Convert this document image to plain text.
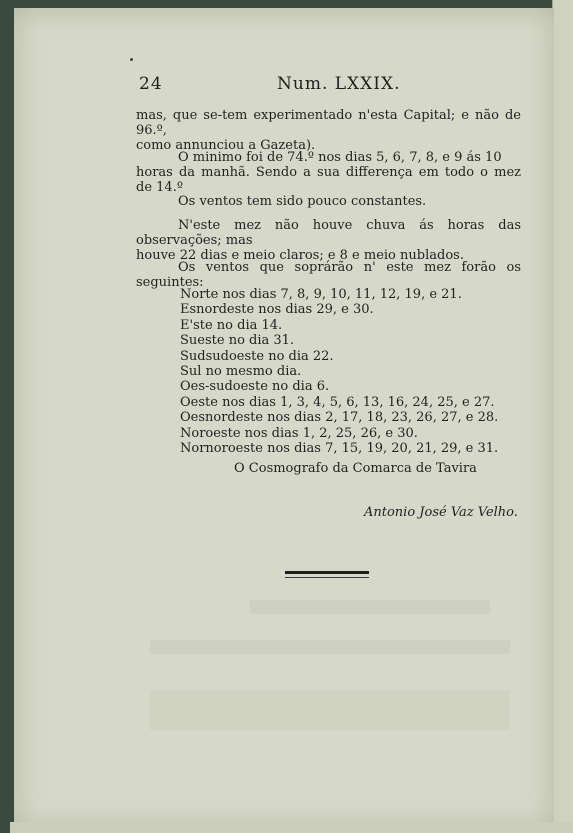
24	Num. LXXIX.
mas, que se-tem experimentado n'esta Capital; e não de 96.º,
como annunciou a Gazeta).
O minimo foi de 74.º nos dias 5, 6, 7, 8, e 9 ás 10
horas da manhã. Sendo a sua differença em todo o mez de 14.º
Os ventos tem sido pouco constantes.
N'este mez não houve chuva ás horas das observações; mas
houve 22 dias e meio claros; e 8 e meio nublados.
Os ventos que soprárão n' este mez forão os seguintes:
Norte nos dias 7, 8, 9, 10, 11, 12, 19, e 21.
Esnordeste nos dias 29, e 30.
E'ste no dia 14.
Sueste no dia 31.
Sudsudoeste no dia 22.
Sul no mesmo dia.
Oes-sudoeste no dia 6.
Oeste nos dias 1, 3, 4, 5, 6, 13, 16, 24, 25, e 27.
Oesnordeste nos dias 2, 17, 18, 23, 26, 27, e 28.
Noroeste nos dias 1, 2, 25, 26, e 30.
Nornoroeste nos dias 7, 15, 19, 20, 21, 29, e 31.
O Cosmografo da Comarca de Tavira
Antonio José Vaz Velho.
